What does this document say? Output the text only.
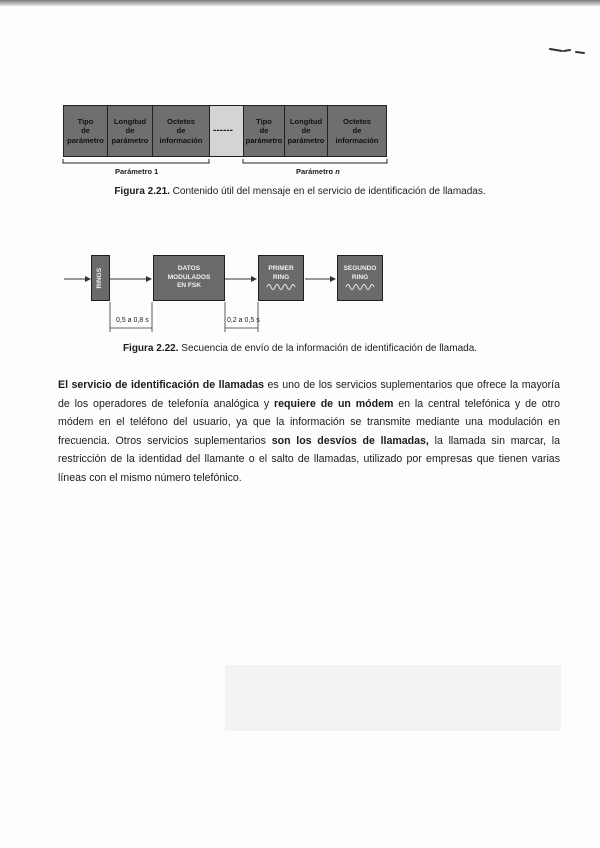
Tipo
de
parámetro
Longitud
de
parámetro
Octetos
de
información
------
Tipo
de
parámetro
Longitud
de
parámetro
Octetos
de
información
Parámetro 1	Parámetro n
Figura 2.21. Contenido útil del mensaje en el servicio de identificación de llamadas.
RINGS	DATOS
MODULADOS
EN FSK
PRIMER
RING
SEGUNDO
RING
0,5 a 0,8 s	0,2 a 0,5 s
Figura 2.22. Secuencia de envío de la información de identificación de llamada.
El servicio de identificación de llamadas es uno de los servicios suplementarios que ofrece la mayoría de los operadores de telefonía analógica y requiere de un módem en la central telefónica y de otro módem en el teléfono del usuario, ya que la información se transmite mediante una modulación en frecuencia. Otros servicios suplementarios son los desvíos de llamadas, la llamada sin marcar, la restricción de la identidad del llamante o el salto de llamadas, utilizado por empresas que tienen varias líneas con el mismo número telefónico.
